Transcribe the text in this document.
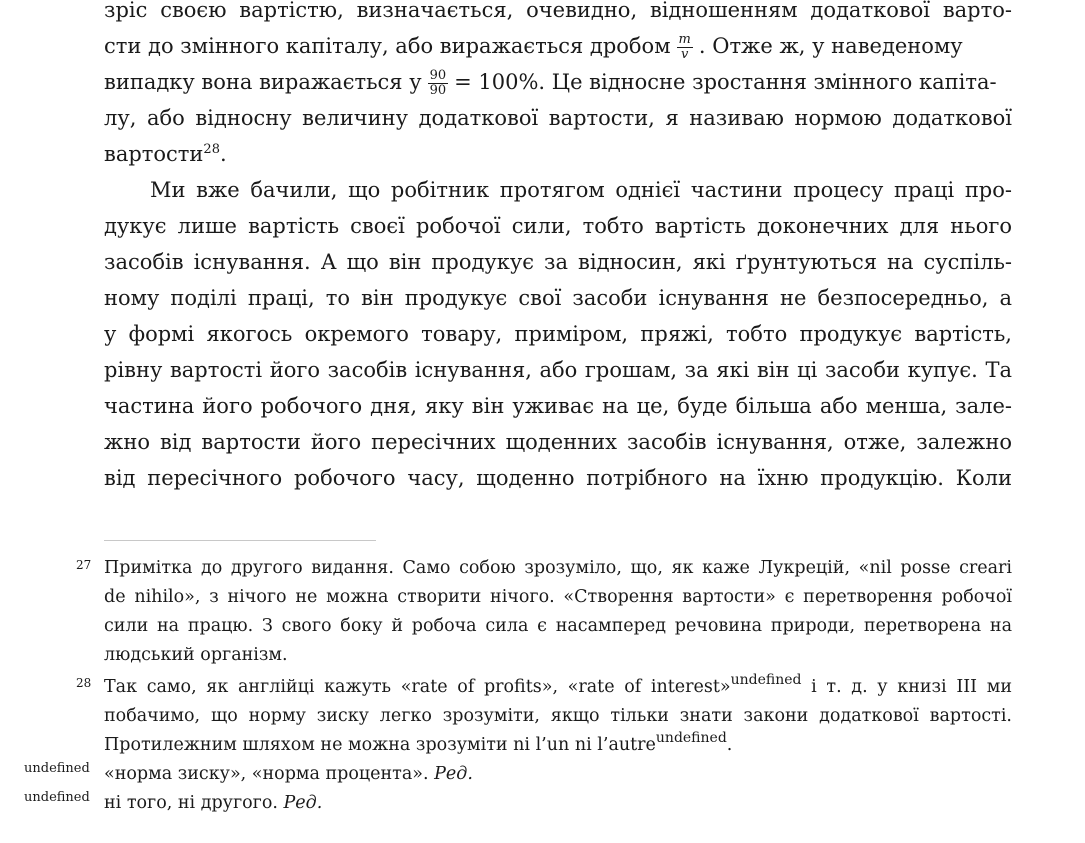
зріс своєю вартістю, визначається, очевидно, відношенням додаткової варто-
сти до змінного капіталу, або виражається дробом $\frac{m}{v}$ . Отже ж, у наведеному
випадку вона виражається у $\frac{90}{90} = 100\%$. Це відносне зростання змінного капіта-
лу, або відносну величину додаткової вартости, я називаю нормою додаткової
вартости$^{28}$.
Ми вже бачили, що робітник протягом однієї частини процесу праці про-
дукує лише вартість своєї робочої сили, тобто вартість доконечних для нього
засобів існування. А що він продукує за відносин, які ґрунтуються на суспіль-
ному поділі праці, то він продукує свої засоби існування не безпосередньо, а
у формі якогось окремого товару, приміром, пряжі, тобто продукує вартість,
рівну вартості його засобів існування, або грошам, за які він ці засоби купує. Та
частина його робочого дня, яку він уживає на це, буде більша або менша, зале-
жно від вартости його пересічних щоденних засобів існування, отже, залежно
від пересічного робочого часу, щоденно потрібного на їхню продукцію. Коли
27 Примітка до другого видання. Само собою зрозуміло, що, як каже Лукрецій, «nil posse creari
de nihilo», з нічого не можна створити нічого. «Створення вартости» є перетворення робочої
сили на працю. З свого боку й робоча сила є насамперед речовина природи, перетворена на
людський організм.
28 Так само, як англійці кажуть «rate of profits», «rate of interest»$^{undefined}$ і т. д. у книзі III ми
побачимо, що норму зиску легко зрозуміти, якщо тільки знати закони додаткової вартості.
Протилежним шляхом не можна зрозуміти ni l’un ni l’autre$^{undefined}$.
undefined «норма зиску», «норма процента». Ред.
undefined ні того, ні другого. Ред.
